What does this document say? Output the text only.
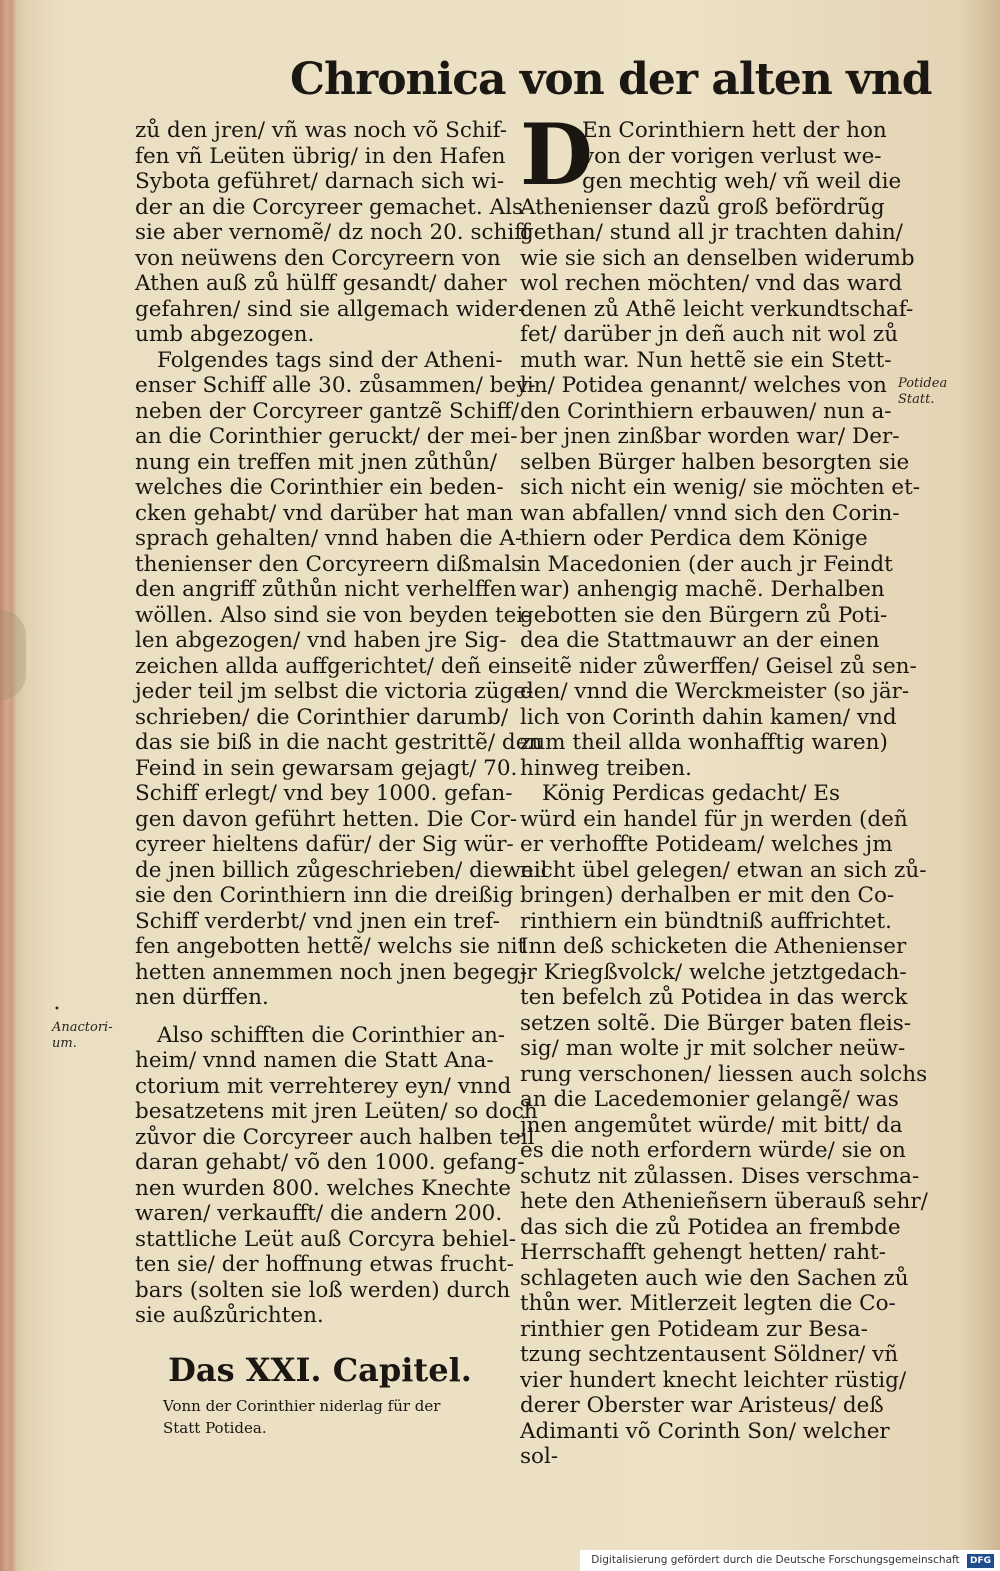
Chronica von der alten vnd
zů den jren/ vñ was noch võ Schif-
fen vñ Leüten übrig/ in den Hafen
Sybota geführet/ darnach sich wi-
der an die Corcyreer gemachet. Als
sie aber vernomẽ/ dz noch 20. schiff
von neüwens den Corcyreern von
Athen auß zů hülff gesandt/ daher
gefahren/ sind sie allgemach wider-
umb abgezogen.
Folgendes tags sind der Atheni-
enser Schiff alle 30. zůsammen/ bey-
neben der Corcyreer gantzẽ Schiff/
an die Corinthier geruckt/ der mei-
nung ein treffen mit jnen zůthůn/
welches die Corinthier ein beden-
cken gehabt/ vnd darüber hat man
sprach gehalten/ vnnd haben die A-
thenienser den Corcyreern dißmals
den angriff zůthůn nicht verhelffen
wöllen. Also sind sie von beyden tei-
len abgezogen/ vnd haben jre Sig-
zeichen allda auffgerichtet/ deñ ein
jeder teil jm selbst die victoria züge-
schrieben/ die Corinthier darumb/
das sie biß in die nacht gestrittẽ/ den
Feind in sein gewarsam gejagt/ 70.
Schiff erlegt/ vnd bey 1000. gefan-
gen davon geführt hetten. Die Cor-
cyreer hieltens dafür/ der Sig wür-
de jnen billich zůgeschrieben/ dieweil
sie den Corinthiern inn die dreißig
Schiff verderbt/ vnd jnen ein tref-
fen angebotten hettẽ/ welchs sie nit
hetten annemmen noch jnen begeg-
nen dürffen.
Also schifften die Corinthier an-
heim/ vnnd namen die Statt Ana-
ctorium mit verrehterey eyn/ vnnd
besatzetens mit jren Leüten/ so doch
zůvor die Corcyreer auch halben teil
daran gehabt/ võ den 1000. gefang-
nen wurden 800. welches Knechte
waren/ verkaufft/ die andern 200.
stattliche Leüt auß Corcyra behiel-
ten sie/ der hoffnung etwas frucht-
bars (solten sie loß werden) durch
sie außzůrichten.
Das XXI. Capitel.
Vonn der Corinthier niderlag für der
Statt Potidea.
D
En Corinthiern hett der hon
von der vorigen verlust we-
gen mechtig weh/ vñ weil die
Athenienser dazů groß befördrũg
gethan/ stund all jr trachten dahin/
wie sie sich an denselben widerumb
wol rechen möchten/ vnd das ward
denen zů Athẽ leicht verkundtschaf-
fet/ darüber jn deñ auch nit wol zů
muth war. Nun hettẽ sie ein Stett-
lin/ Potidea genannt/ welches von
den Corinthiern erbauwen/ nun a-
ber jnen zinßbar worden war/ Der-
selben Bürger halben besorgten sie
sich nicht ein wenig/ sie möchten et-
wan abfallen/ vnnd sich den Corin-
thiern oder Perdica dem Könige
in Macedonien (der auch jr Feindt
war) anhengig machẽ. Derhalben
gebotten sie den Bürgern zů Poti-
dea die Stattmauwr an der einen
seitẽ nider zůwerffen/ Geisel zů sen-
den/ vnnd die Werckmeister (so jär-
lich von Corinth dahin kamen/ vnd
zum theil allda wonhafftig waren)
hinweg treiben.
König Perdicas gedacht/ Es
würd ein handel für jn werden (deñ
er verhoffte Potideam/ welches jm
nicht übel gelegen/ etwan an sich zů-
bringen) derhalben er mit den Co-
rinthiern ein bündtniß auffrichtet.
Inn deß schicketen die Athenienser
jr Kriegßvolck/ welche jetztgedach-
ten befelch zů Potidea in das werck
setzen soltẽ. Die Bürger baten fleis-
sig/ man wolte jr mit solcher neüw-
rung verschonen/ liessen auch solchs
an die Lacedemonier gelangẽ/ was
jnen angemůtet würde/ mit bitt/ da
es die noth erfordern würde/ sie on
schutz nit zůlassen. Dises verschma-
hete den Athenieñsern überauß sehr/
das sich die zů Potidea an frembde
Herrschafft gehengt hetten/ raht-
schlageten auch wie den Sachen zů
thůn wer. Mitlerzeit legten die Co-
rinthier gen Potideam zur Besa-
tzung sechtzentausent Söldner/ vñ
vier hundert knecht leichter rüstig/
derer Oberster war Aristeus/ deß
Adimanti võ Corinth Son/ welcher
sol-
Potidea Statt.
• Anactori- um.
Digitalisierung gefördert durch die Deutsche Forschungsgemeinschaft DFG
